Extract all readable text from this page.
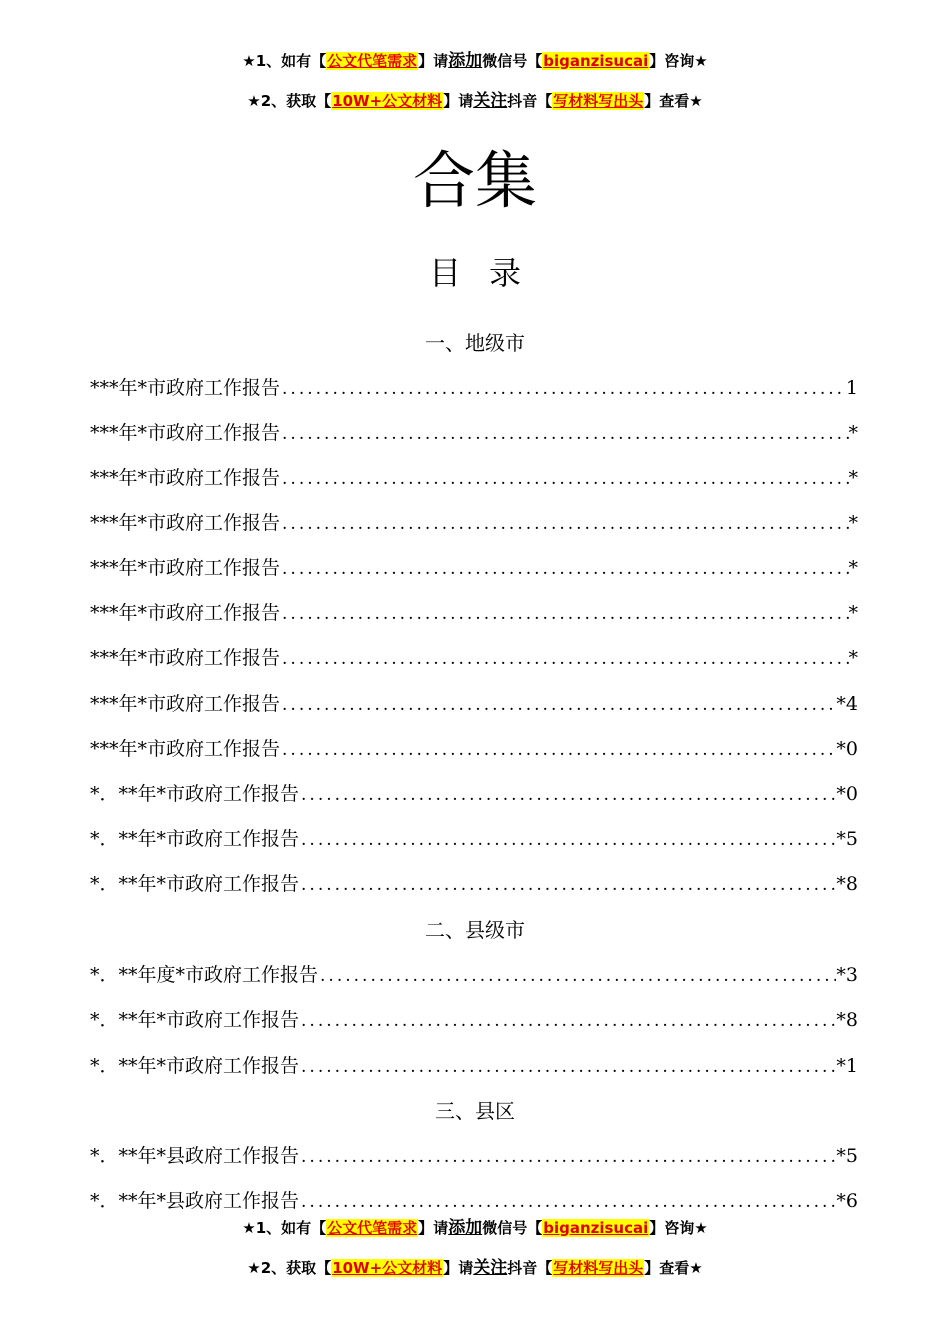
★1、如有【公文代笔需求】请添加微信号【biganzisucai】咨询★
★2、获取【10W+公文材料】请关注抖音【写材料写出头】查看★
合集
目录
一、地级市
***年*市政府工作报告 .....	1
***年*市政府工作报告 .....	*
***年*市政府工作报告 .....	*
***年*市政府工作报告 .....	*
***年*市政府工作报告 .....	*
***年*市政府工作报告 .....	*
***年*市政府工作报告 .....	*
***年*市政府工作报告 .....	*4
***年*市政府工作报告 .....	*0
*．**年*市政府工作报告 .....	*0
*．**年*市政府工作报告 .....	*5
*．**年*市政府工作报告 .....	*8
二、县级市
*．**年度*市政府工作报告 .....	*3
*．**年*市政府工作报告 .....	*8
*．**年*市政府工作报告 .....	*1
三、县区
*．**年*县政府工作报告 .....	*5
*．**年*县政府工作报告 .....	*6
★1、如有【公文代笔需求】请添加微信号【biganzisucai】咨询★
★2、获取【10W+公文材料】请关注抖音【写材料写出头】查看★
